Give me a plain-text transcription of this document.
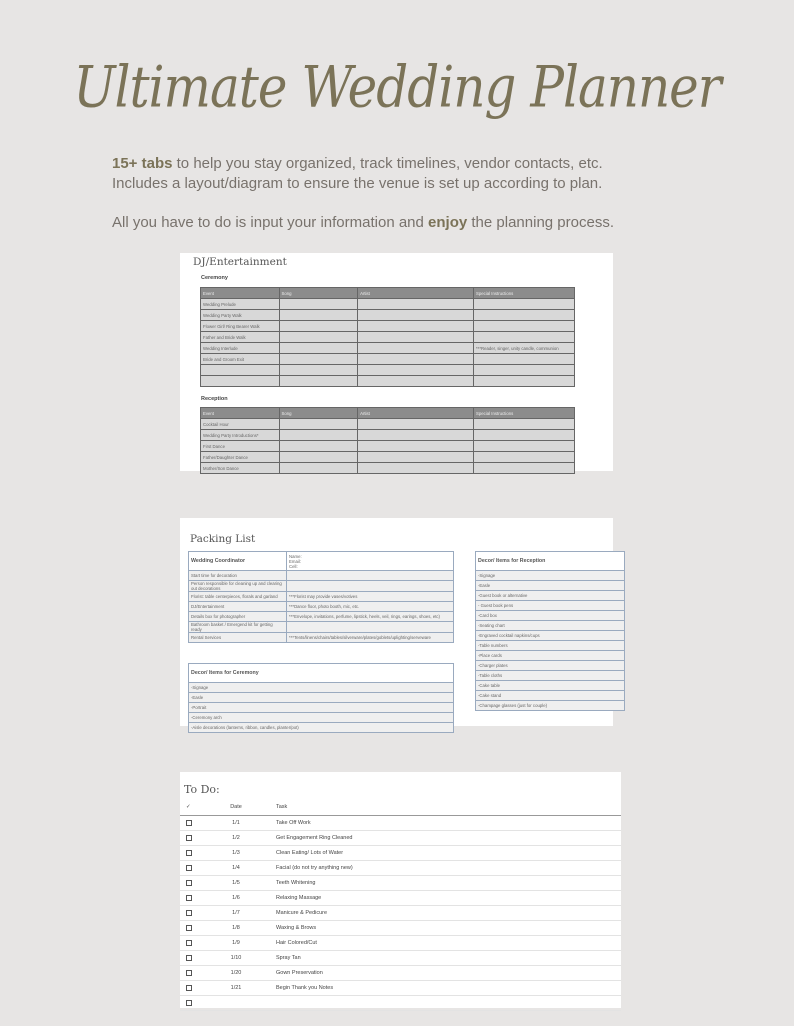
Ultimate Wedding Planner
15+ tabs to help you stay organized, track timelines, vendor contacts, etc.
Includes a layout/diagram to ensure the venue is set up according to plan.
All you have to do is input your information and enjoy the planning process.
DJ/Entertainment
Ceremony
Event	Song	Artist	Special Instructions
Wedding Prelude			
Wedding Party Walk			
Flower Girl/ Ring Bearer Walk			
Father and Bride Walk			
Wedding Interlude			***Reader, singer, unity candle, communion
Bride and Groom Exit			

Reception
Event	Song	Artist	Special Instructions
Cocktail Hour			
Wedding Party Introductions*			
First Dance			
Father/Daughter Dance			
Mother/Son Dance			
Packing List
Wedding Coordinator	Name:
Email:
Cell:

Start time for decoration	
Person responsible for cleaning up and clearing out decorations	
Florist: table centerpieces, florals and garland	***Florist may provide vases/votives
DJ/Entertainment	***Dance floor, photo booth, mic, etc.
Details box for photographer	***Envelope, invitations, perfume, lipstick, heels, veil, rings, earings, shoes, etc)
Bathroom basket / Emergend kit for getting ready	
Rental Services	***Tents/linens/chairs/tables/silverware/plates/goblets/uplighting/serveware
Decor/ Items for Ceremony
-Signage
-Easle
-Portrait
-Ceremony arch
-Aisle decorations (lanterns, ribbon, candles, planter/pot)
Decor/ Items for Reception
-Signage
-Easle
-Guest book or alternative
- Guest book pens
-Card box
-Seating chart
-Engraved cocktail napkins/cups
-Table numbers
-Place cards
-Charger plates
-Table cloths
-Cake table
-Cake stand
-Champage glasses (just for couple)
To Do:
✓	Date	Task
1/1	Take Off Work
1/2	Get Engagement Ring Cleaned
1/3	Clean Eating/ Lots of Water
1/4	Facial (do not try anything new)
1/5	Teeth Whitening
1/6	Relaxing Massage
1/7	Manicure & Pedicure
1/8	Waxing & Brows
1/9	Hair Colored/Cut
1/10	Spray Tan
1/20	Gown Preservation
1/21	Begin Thank you Notes
